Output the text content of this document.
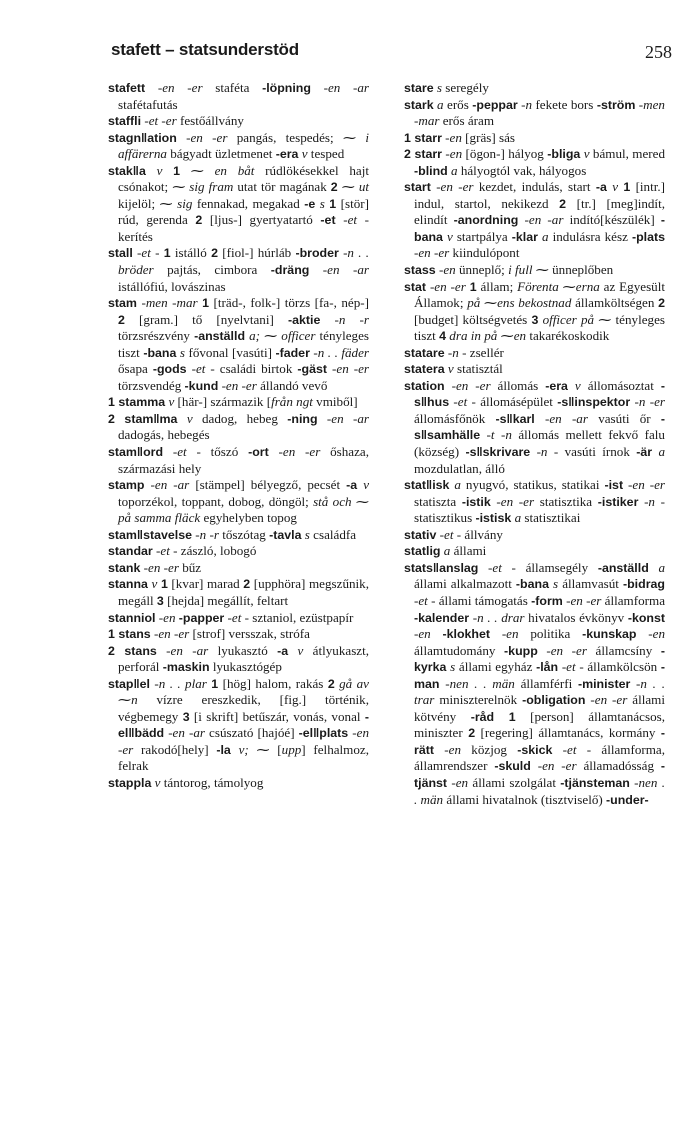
stafett – statsunderstöd	258

stafett -en -er staféta -löpning -en -ar stafétafutás

staffli -et -er festőállvány

stagn‖ation -en -er pangás, tespedés; ⁓ i affärerna bágyadt üzletmenet -era v tesped

stak‖a v 1 ⁓ en båt rúdlökésekkel hajt csónakot; ⁓ sig fram utat tör magának 2 ⁓ ut kijelöl; ⁓ sig fennakad, megakad -e s 1 [stör] rúd, gerenda 2 [ljus-] gyertyatartó -et -et - kerítés

stall -et - 1 istálló 2 [fiol-] húrláb -broder -n . . bröder pajtás, cimbora -dräng -en -ar istállófiú, lovászinas

stam -men -mar 1 [träd-, folk-] törzs [fa-, nép-] 2 [gram.] tő [nyelvtani] -aktie -n -r törzsrészvény -anställd a; ⁓ officer tényleges tiszt -bana s fővonal [vasúti] -fader -n . . fäder ősapa -gods -et - családi birtok -gäst -en -er törzsvendég -kund -en -er állandó vevő

1 stamma v [här-] származik [från ngt vmiből]

2 stam‖ma v dadog, hebeg -ning -en -ar dadogás, hebegés

stam‖ord -et - tőszó -ort -en -er őshaza, származási hely

stamp -en -ar [stämpel] bélyegző, pecsét -a v toporzékol, toppant, dobog, döngöl; stå och ⁓ på samma fläck egyhelyben topog

stam‖stavelse -n -r tőszótag -tavla s családfa

standar -et - zászló, lobogó

stank -en -er bűz

stanna v 1 [kvar] marad 2 [upphöra] megszűnik, megáll 3 [hejda] megállít, feltart

stanniol -en -papper -et - sztaniol, ezüstpapír

1 stans -en -er [strof] versszak, strófa

2 stans -en -ar lyukasztó -a v átlyukaszt, perforál -maskin lyukasztógép

stap‖el -n . . plar 1 [hög] halom, rakás 2 gå av ⁓n vízre ereszkedik, [fig.] történik, végbemegy 3 [i skrift] betűszár, vonás, vonal -el‖bädd -en -ar csúszató [hajóé] -el‖plats -en -er rakodó[hely] -la v; ⁓ [upp] felhalmoz, felrak

stappla v tántorog, támolyog

stare s seregély

stark a erős -peppar -n fekete bors -ström -men -mar erős áram

1 starr -en [gräs] sás

2 starr -en [ögon-] hályog -bliga v bámul, mered -blind a hályogtól vak, hályogos

start -en -er kezdet, indulás, start -a v 1 [intr.] indul, startol, nekikezd 2 [tr.] [meg]indít, elindít -anordning -en -ar indító[készülék] -bana v startpálya -klar a indulásra kész -plats -en -er kiindulópont

stass -en ünneplő; i full ⁓ ünneplőben

stat -en -er 1 állam; Förenta ⁓erna az Egyesült Államok; på ⁓ens bekostnad államköltségen 2 [budget] költségvetés 3 officer på ⁓ tényleges tiszt 4 dra in på ⁓en takarékoskodik

statare -n - zsellér

statera v statisztál

station -en -er állomás -era v állomásoztat -s‖hus -et - állomásépület -s‖inspektor -n -er állomásfőnök -s‖karl -en -ar vasúti őr -s‖samhälle -t -n állomás mellett fekvő falu (község) -s‖skrivare -n - vasúti írnok -är a mozdulatlan, álló

stat‖isk a nyugvó, statikus, statikai -ist -en -er statiszta -istik -en -er statisztika -istiker -n - statisztikus -istisk a statisztikai

stativ -et - állvány

statlig a állami

stats‖anslag -et - államsegély -anställd a állami alkalmazott -bana s államvasút -bidrag -et - állami támogatás -form -en -er államforma -kalender -n . . drar hivatalos évkönyv -konst -en -klokhet -en politika -kunskap -en államtudomány -kupp -en -er államcsíny -kyrka s állami egyház -lån -et - államkölcsön -man -nen . . män államférfi -minister -n . . trar miniszterelnök -obligation -en -er állami kötvény -råd 1 [person] államtanácsos, miniszter 2 [regering] államtanács, kormány -rätt -en közjog -skick -et - államforma, államrendszer -skuld -en -er államadósság -tjänst -en állami szolgálat -tjänsteman -nen . . män állami hivatalnok (tisztviselő) -under-
